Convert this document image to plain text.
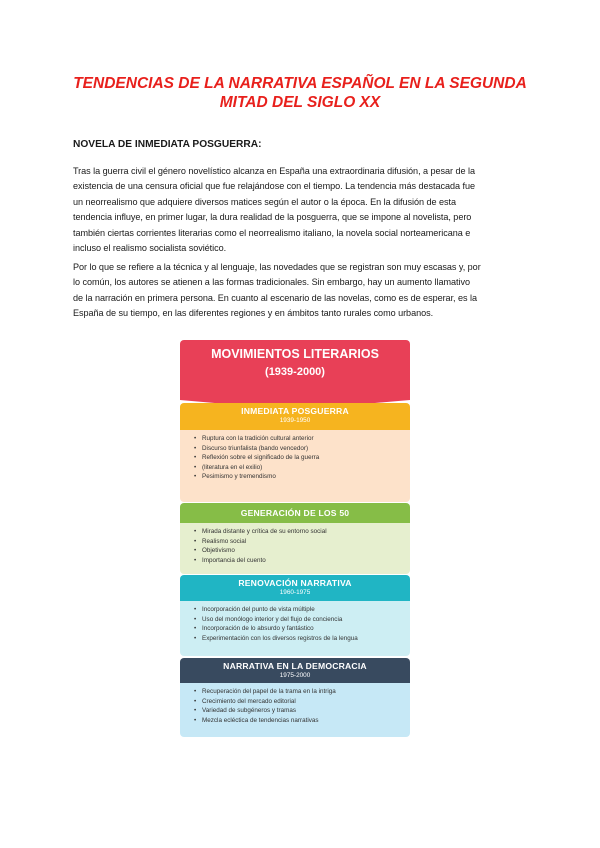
TENDENCIAS DE LA NARRATIVA ESPAÑOL EN LA SEGUNDA
MITAD DEL SIGLO XX
NOVELA DE INMEDIATA POSGUERRA:

Tras la guerra civil el género novelístico alcanza en España una extraordinaria difusión, a pesar de la
existencia de una censura oficial que fue relajándose con el tiempo. La tendencia más destacada fue
un neorrealismo que adquiere diversos matices según el autor o la época. En la difusión de esta
tendencia influye, en primer lugar, la dura realidad de la posguerra, que se impone al novelista, pero
también ciertas corrientes literarias como el neorrealismo italiano, la novela social norteamericana e
incluso el realismo socialista soviético.

Por lo que se refiere a la técnica y al lenguaje, las novedades que se registran son muy escasas y, por
lo común, los autores se atienen a las formas tradicionales. Sin embargo, hay un aumento llamativo
de la narración en primera persona. En cuanto al escenario de las novelas, como es de esperar, es la
España de su tiempo, en las diferentes regiones y en ámbitos tanto rurales como urbanos.

MOVIMIENTOS LITERARIOS
(1939-2000)
INMEDIATA POSGUERRA
1939-1950
• Ruptura con la tradición cultural anterior
• Discurso triunfalista (bando vencedor)
• Reflexión sobre el significado de la guerra
• (literatura en el exilio)
• Pesimismo y tremendismo
GENERACIÓN DE LOS 50
• Mirada distante y crítica de su entorno social
• Realismo social
• Objetivismo
• Importancia del cuento
RENOVACIÓN NARRATIVA
1960-1975
• Incorporación del punto de vista múltiple
• Uso del monólogo interior y del flujo de conciencia
• Incorporación de lo absurdo y fantástico
• Experimentación con los diversos registros de la lengua
NARRATIVA EN LA DEMOCRACIA
1975-2000
• Recuperación del papel de la trama en la intriga
• Crecimiento del mercado editorial
• Variedad de subgéneros y tramas
• Mezcla ecléctica de tendencias narrativas
